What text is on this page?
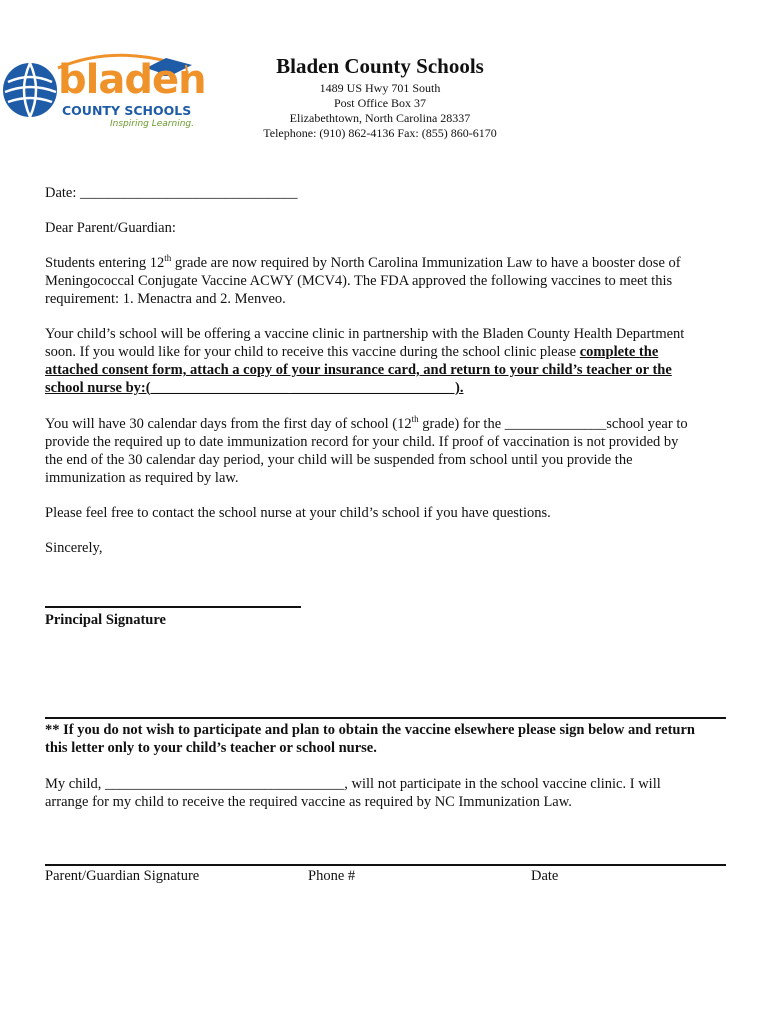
bladen
COUNTY SCHOOLS
Inspiring Learning.
Bladen County Schools
1489 US Hwy 701 South
Post Office Box 37
Elizabethtown, North Carolina 28337
Telephone: (910) 862-4136 Fax: (855) 860-6170
Date: ______________________________
Dear Parent/Guardian:
Students entering 12th grade are now required by North Carolina Immunization Law to have a booster dose of
Meningococcal Conjugate Vaccine ACWY (MCV4). The FDA approved the following vaccines to meet this
requirement: 1. Menactra and 2. Menveo.
Your child’s school will be offering a vaccine clinic in partnership with the Bladen County Health Department
soon. If you would like for your child to receive this vaccine during the school clinic please complete the
attached consent form, attach a copy of your insurance card, and return to your child’s teacher or the
school nurse by:(___________________ ______________________ ).
You will have 30 calendar days from the first day of school (12th grade) for the ______________school year to
provide the required up to date immunization record for your child. If proof of vaccination is not provided by
the end of the 30 calendar day period, your child will be suspended from school until you provide the
immunization as required by law.
Please feel free to contact the school nurse at your child’s school if you have questions.
Sincerely,
Principal Signature
** If you do not wish to participate and plan to obtain the vaccine elsewhere please sign below and return
this letter only to your child’s teacher or school nurse.
My child, _________________________________, will not participate in the school vaccine clinic. I will
arrange for my child to receive the required vaccine as required by NC Immunization Law.
Parent/Guardian Signature	Phone #	Date
